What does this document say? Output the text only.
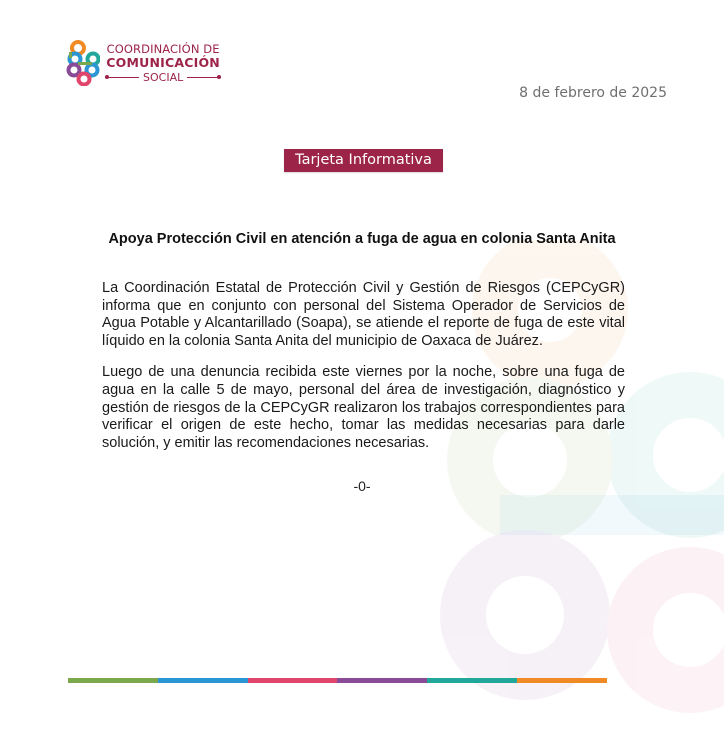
COORDINACIÓN DE
COMUNICACIÓN
SOCIAL
8 de febrero de 2025
Tarjeta Informativa
Apoya Protección Civil en atención a fuga de agua en colonia Santa Anita

La Coordinación Estatal de Protección Civil y Gestión de Riesgos (CEPCyGR) informa que en conjunto con personal del Sistema Operador de Servicios de Agua Potable y Alcantarillado (Soapa), se atiende el reporte de fuga de este vital líquido en la colonia Santa Anita del municipio de Oaxaca de Juárez.

Luego de una denuncia recibida este viernes por la noche, sobre una fuga de agua en la calle 5 de mayo, personal del área de investigación, diagnóstico y gestión de riesgos de la CEPCyGR realizaron los trabajos correspondientes para verificar el origen de este hecho, tomar las medidas necesarias para darle solución, y emitir las recomendaciones necesarias.

-0-
